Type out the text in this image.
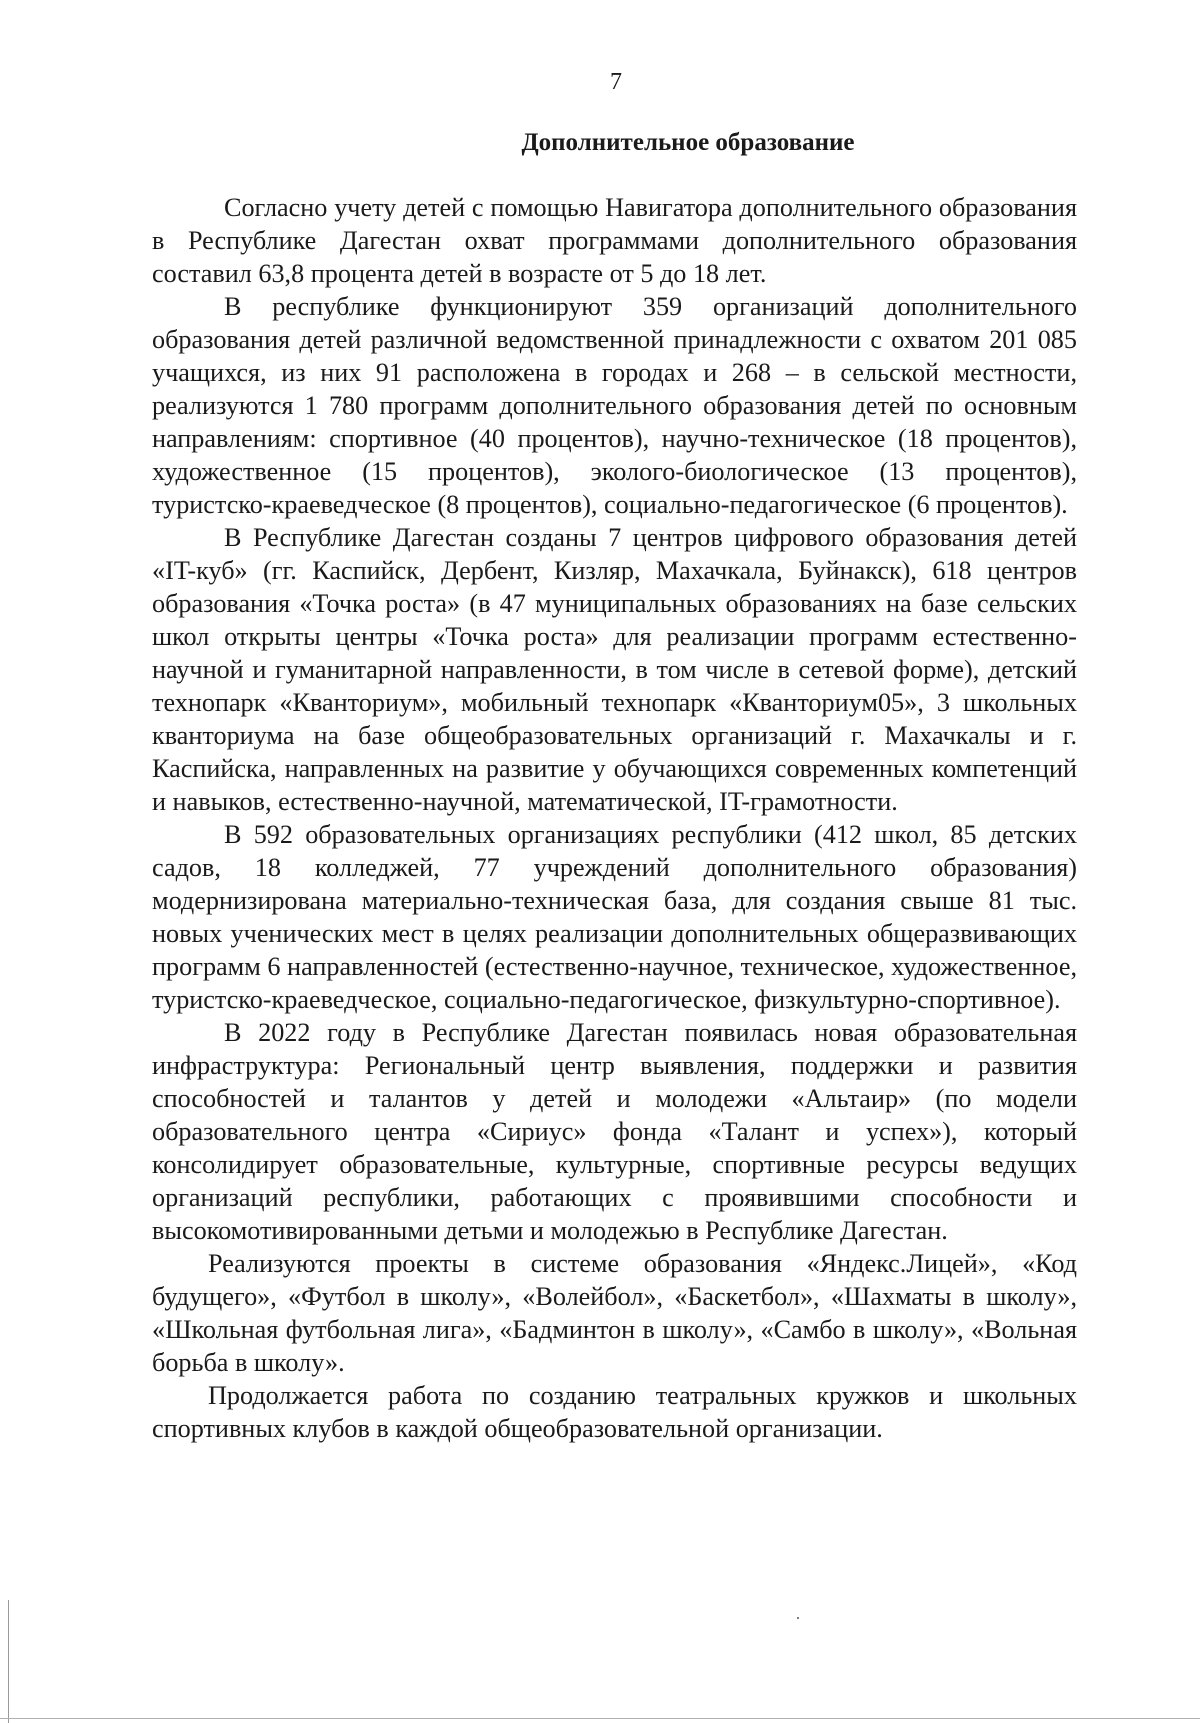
7
Дополнительное образование

Согласно учету детей с помощью Навигатора дополнительного образования в Республике Дагестан охват программами дополнительного образования составил 63,8 процента детей в возрасте от 5 до 18 лет.

В республике функционируют 359 организаций дополнительного образования детей различной ведомственной принадлежности с охватом 201 085 учащихся, из них 91 расположена в городах и 268 – в сельской местности, реализуются 1 780 программ дополнительного образования детей по основным направлениям: спортивное (40 процентов), научно-техническое (18 процентов), художественное (15 процентов), эколого-биологическое (13 процентов), туристско-краеведческое (8 процентов), социально-педагогическое (6 процентов).

В Республике Дагестан созданы 7 центров цифрового образования детей «IT-куб» (гг. Каспийск, Дербент, Кизляр, Махачкала, Буйнакск), 618 центров образования «Точка роста» (в 47 муниципальных образованиях на базе сельских школ открыты центры «Точка роста» для реализации программ естественно-научной и гуманитарной направленности, в том числе в сетевой форме), детский технопарк «Кванториум», мобильный технопарк «Кванториум05», 3 школьных кванториума на базе общеобразовательных организаций г. Махачкалы и г. Каспийска, направленных на развитие у обучающихся современных компетенций и навыков, естественно-научной, математической, IT-грамотности.

В 592 образовательных организациях республики (412 школ, 85 детских садов, 18 колледжей, 77 учреждений дополнительного образования) модернизирована материально-техническая база, для создания свыше 81 тыс. новых ученических мест в целях реализации дополнительных общеразвивающих программ 6 направленностей (естественно-научное, техническое, художественное, туристско-краеведческое, социально-педагогическое, физкультурно-спортивное).

В 2022 году в Республике Дагестан появилась новая образовательная инфраструктура: Региональный центр выявления, поддержки и развития способностей и талантов у детей и молодежи «Альтаир» (по модели образовательного центра «Сириус» фонда «Талант и успех»), который консолидирует образовательные, культурные, спортивные ресурсы ведущих организаций республики, работающих с проявившими способности и высокомотивированными детьми и молодежью в Республике Дагестан.

Реализуются проекты в системе образования «Яндекс.Лицей», «Код будущего», «Футбол в школу», «Волейбол», «Баскетбол», «Шахматы в школу», «Школьная футбольная лига», «Бадминтон в школу», «Самбо в школу», «Вольная борьба в школу».

Продолжается работа по созданию театральных кружков и школьных спортивных клубов в каждой общеобразовательной организации.
